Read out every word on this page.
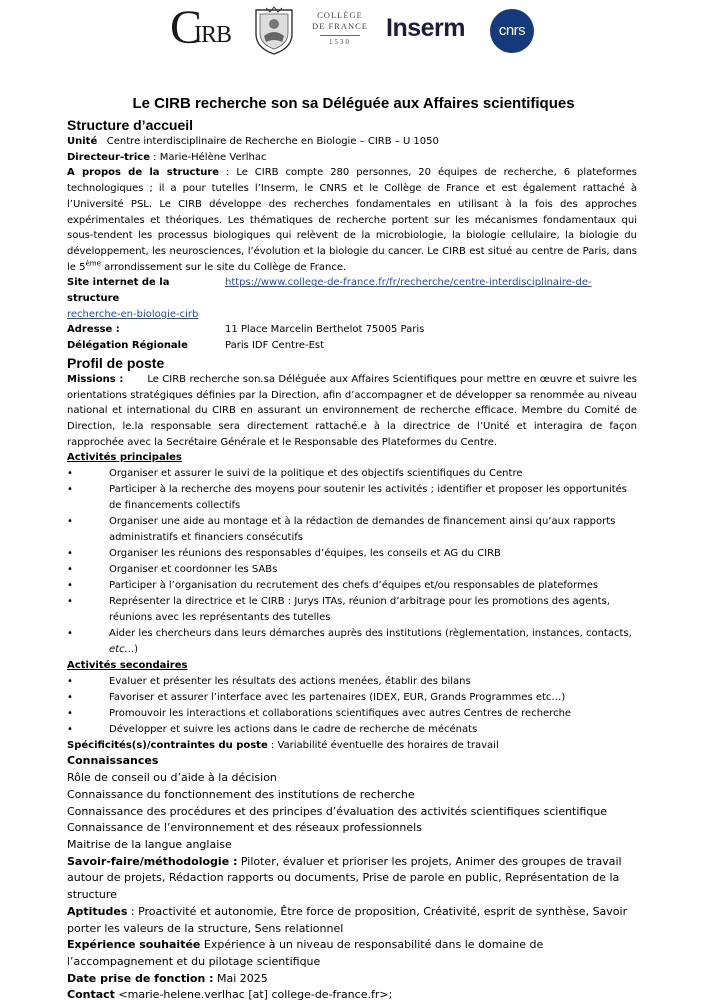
C
IRB
COLLÈGE
DE FRANCE
1530	Inserm	cnrs
Le CIRB recherche son sa Déléguée aux Affaires scientifiques
Structure d’accueil
Unité Centre interdisciplinaire de Recherche en Biologie – CIRB – U 1050
Directeur-trice : Marie-Hélène Verlhac
A propos de la structure : Le CIRB compte 280 personnes, 20 équipes de recherche, 6 plateformes technologiques ; il a pour tutelles l’Inserm, le CNRS et le Collège de France et est également rattaché à l’Université PSL. Le CIRB développe des recherches fondamentales en utilisant à la fois des approches expérimentales et théoriques. Les thématiques de recherche portent sur les mécanismes fondamentaux qui sous-tendent les processus biologiques qui relèvent de la microbiologie, la biologie cellulaire, la biologie du développement, les neurosciences, l’évolution et la biologie du cancer. Le CIRB est situé au centre de Paris, dans le 5ème arrondissement sur le site du Collège de France.
Site internet de la structure
https://www.college-de-france.fr/fr/recherche/centre-interdisciplinaire-de-
recherche-en-biologie-cirb
Adresse :	11 Place Marcelin Berthelot 75005 Paris
Délégation Régionale	Paris IDF Centre-Est
Profil de poste
Missions : Le CIRB recherche son.sa Déléguée aux Affaires Scientifiques pour mettre en œuvre et suivre les orientations stratégiques définies par la Direction, afin d’accompagner et de développer sa renommée au niveau national et international du CIRB en assurant un environnement de recherche efficace. Membre du Comité de Direction, le.la responsable sera directement rattaché.e à la directrice de l’Unité et interagira de façon rapprochée avec la Secrétaire Générale et le Responsable des Plateformes du Centre.
Activités principales
•	Organiser et assurer le suivi de la politique et des objectifs scientifiques du Centre
•	Participer à la recherche des moyens pour soutenir les activités ; identifier et proposer les opportunités de financements collectifs
•	Organiser une aide au montage et à la rédaction de demandes de financement ainsi qu’aux rapports administratifs et financiers consécutifs
•	Organiser les réunions des responsables d’équipes, les conseils et AG du CIRB
•	Organiser et coordonner les SABs
•	Participer à l’organisation du recrutement des chefs d’équipes et/ou responsables de plateformes
•	Représenter la directrice et le CIRB : Jurys ITAs, réunion d’arbitrage pour les promotions des agents, réunions avec les représentants des tutelles
•	Aider les chercheurs dans leurs démarches auprès des institutions (règlementation, instances, contacts, etc...)
Activités secondaires
•	Evaluer et présenter les résultats des actions menées, établir des bilans
•	Favoriser et assurer l’interface avec les partenaires (IDEX, EUR, Grands Programmes etc…)
•	Promouvoir les interactions et collaborations scientifiques avec autres Centres de recherche
•	Développer et suivre les actions dans le cadre de recherche de mécénats
Spécificités(s)/contraintes du poste : Variabilité éventuelle des horaires de travail
Connaissances
Rôle de conseil ou d’aide à la décision
Connaissance du fonctionnement des institutions de recherche
Connaissance des procédures et des principes d’évaluation des activités scientifiques scientifique
Connaissance de l’environnement et des réseaux professionnels
Maitrise de la langue anglaise
Savoir-faire/méthodologie : Piloter, évaluer et prioriser les projets, Animer des groupes de travail autour de projets, Rédaction rapports ou documents, Prise de parole en public, Représentation de la structure
Aptitudes : Proactivité et autonomie, Être force de proposition, Créativité, esprit de synthèse, Savoir porter les valeurs de la structure, Sens relationnel
Expérience souhaitée Expérience à un niveau de responsabilité dans le domaine de l’accompagnement et du pilotage scientifique
Date prise de fonction : Mai 2025
Contact <marie-helene.verlhac [at] college-de-france.fr>;
